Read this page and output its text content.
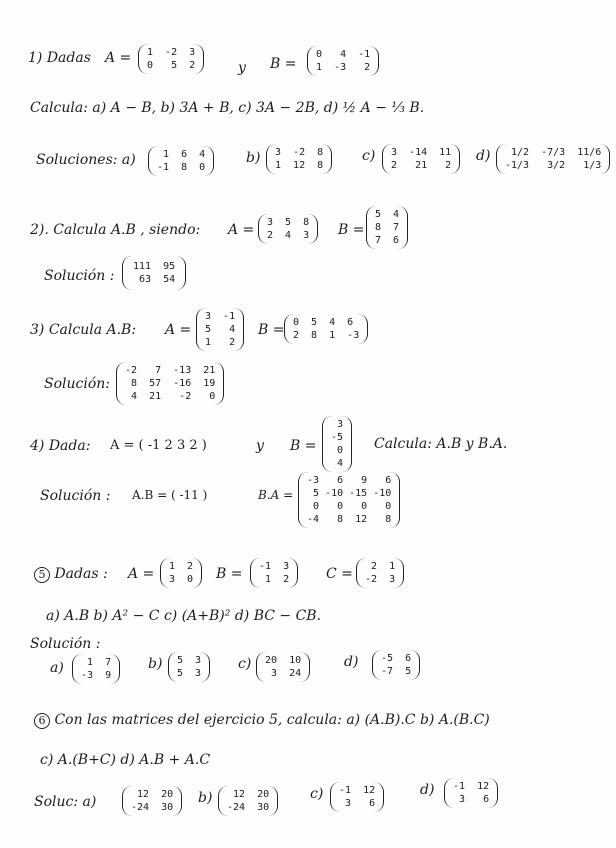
1) Dadas A =	1  -2  3
0   5  2	y B =
0   4  -1
1  -3   2
Calcula: a) A − B, b) 3A + B, c) 3A − 2B, d) ½ A − ⅓ B.
Soluciones: a)	1  6  4
-1  8  0
b)	3  -2  8
1  12  8
c)	3  -14  11
2   21   2
d)	1/2  -7/3  11/6
-1/3   3/2   1/3
2). Calcula A.B , siendo: A =	3  5  8
2  4  3	B =
5  4
8  7
7  6
Solución :
111  95
63  54
3) Calcula A.B: A =
3  -1
5   4
1   2
B = 0  5  4  6
2  8  1  -3
Solución:
-2   7  -13  21
8  57  -16  19
4  21   -2   0
4) Dada: A = ( -1 2 3 2 )	y B =
3
-5
0
4
Calcula: A.B y B.A.
Solución : A.B = ( -11 )	B.A =
-3   6   9   6
5 -10 -15 -10
0   0   0   0
-4   8  12   8
5 Dadas : A =	1  2
3  0	B =	-1  3
1  2	C =	2  1
-2  3
a) A.B b) A² − C c) (A+B)² d) BC − CB.
Solución :
a)	1  7
-3  9
b)	5  3
5  3
c)	20  10
3  24
d)	-5  6
-7  5
6 Con las matrices del ejercicio 5, calcula: a) (A.B).C b) A.(B.C)
c) A.(B+C) d) A.B + A.C
Soluc: a)	12  20
-24  30
b)	12  20
-24  30
c)	-1  12
3   6
d)	-1  12
3   6
